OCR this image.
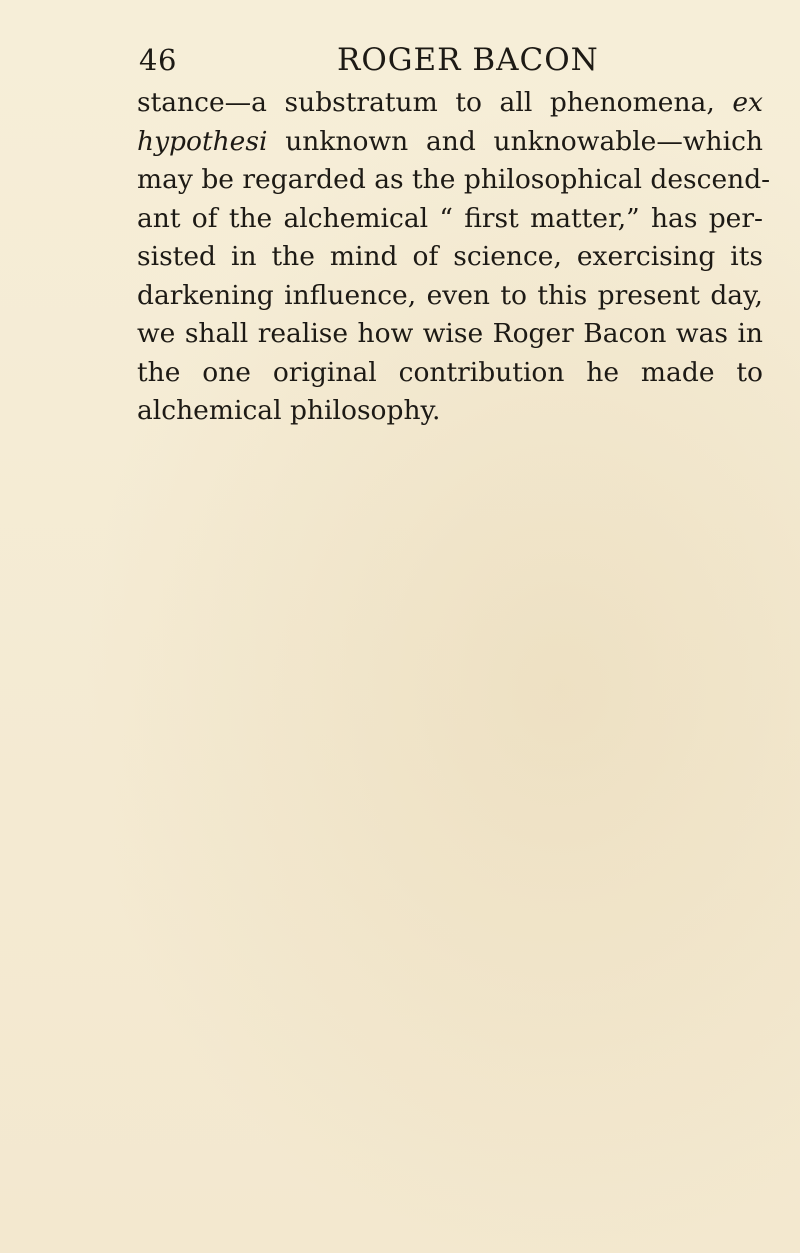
46	ROGER BACON
stance—a substratum to all phenomena, ex
hypothesi unknown and unknowable—which
may be regarded as the philosophical descend-
ant of the alchemical “ first matter,” has per-
sisted in the mind of science, exercising its
darkening influence, even to this present day,
we shall realise how wise Roger Bacon was in
the one original contribution he made to
alchemical philosophy.
